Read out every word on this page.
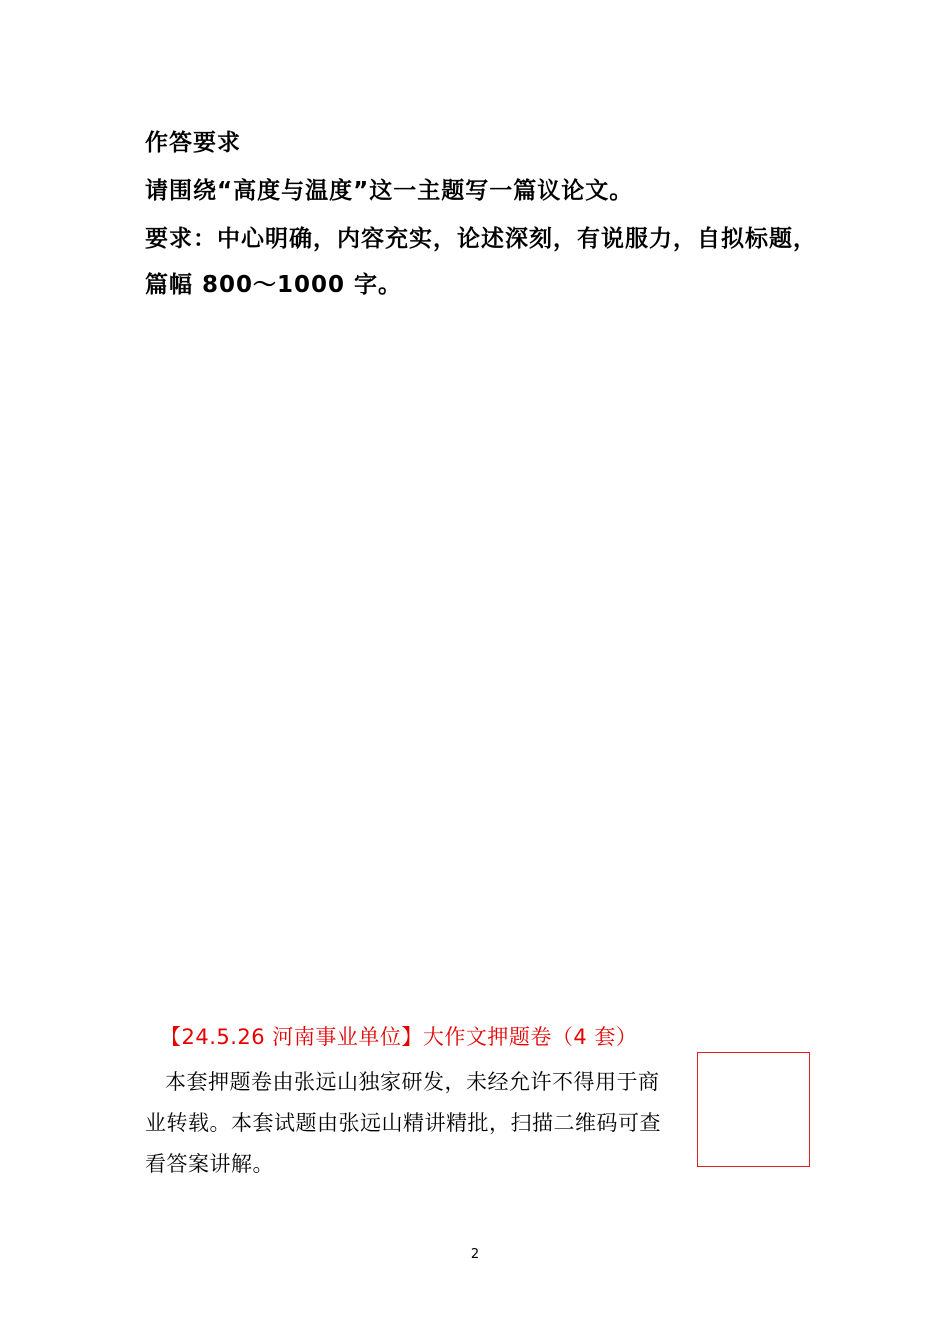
作答要求
请围绕“高度与温度”这一主题写一篇议论文。
要求：中心明确，内容充实，论述深刻，有说服力，自拟标题，
篇幅 800～1000 字。
【24.5.26 河南事业单位】大作文押题卷（4 套）
本套押题卷由张远山独家研发，未经允许不得用于商
业转载。本套试题由张远山精讲精批，扫描二维码可查
看答案讲解。
2
